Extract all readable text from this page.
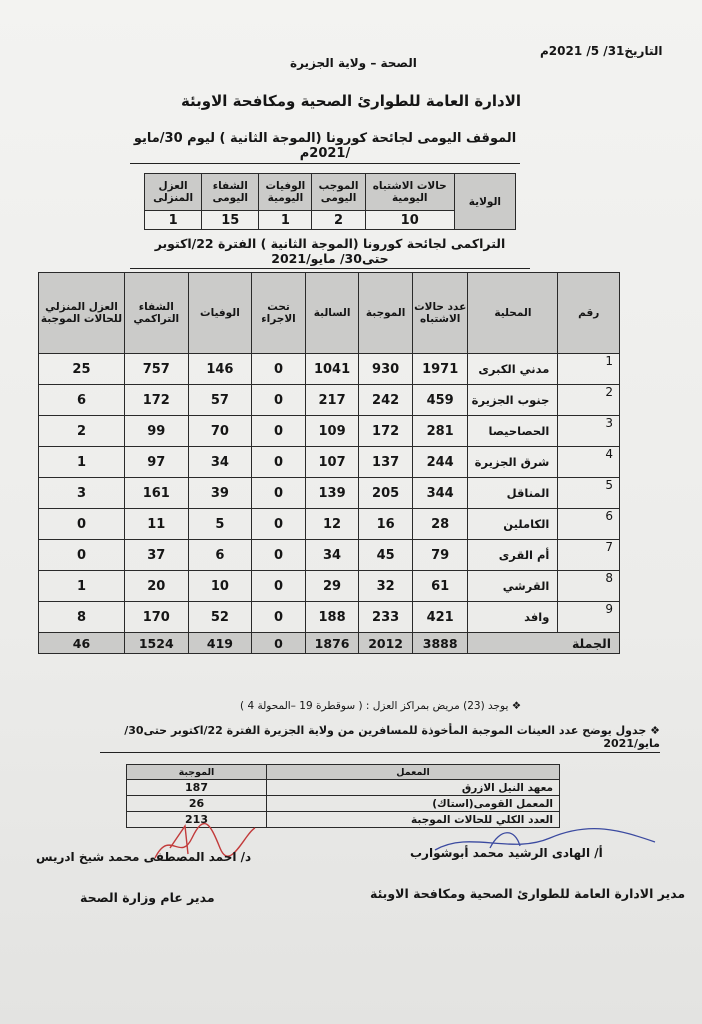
التاريخ31/ 5/ 2021م
الصحة – ولاية الجزيرة
الادارة العامة للطوارئ الصحية ومكافحة الاوبئة
الموقف اليومى لجائحة كورونا (الموجة الثانية ) ليوم 30/مايو /2021م
الولاية	حالات الاشتباه اليومية	الموجب اليومى	الوفيات اليومية	الشفاء اليومى	العزل المنزلى
	10	2	1	15	1
التراكمى لجائحة كورونا (الموجة الثانية ) الفترة 22/اكتوبر حتى30/ مايو/2021
رقم	المحلية	عدد حالات الاشتباه	الموجبة	السالبة	تحت الاجراء	الوفيات	الشفاء التراكمي	العزل المنزلي للحالات الموجبة
1	مدني الكبرى	1971	930	1041	0	146	757	25
2	جنوب الجزيرة	459	242	217	0	57	172	6
3	الحصاحيصا	281	172	109	0	70	99	2
4	شرق الجزيرة	244	137	107	0	34	97	1
5	المناقل	344	205	139	0	39	161	3
6	الكاملين	28	16	12	0	5	11	0
7	أم القرى	79	45	34	0	6	37	0
8	القرشي	61	32	29	0	10	20	1
9	وافد	421	233	188	0	52	170	8
الجملة		3888	2012	1876	0	419	1524	46
❖ يوجد (23) مريض بمراكز العزل : ( سوقطرة 19 –المحولة 4 )
❖ جدول يوضح عدد العينات الموجبة المأخوذة للمسافرين من ولاية الجزيرة الفترة 22/اكتوبر حتى30/ مايو/2021
المعمل	الموجبة
معهد النيل الازرق	187
المعمل القومى(استاك)	26
العدد الكلي للحالات الموجبة	213
د/ احمد المصطفى محمد شيخ ادريس	أ/ الهادى الرشيد محمد أبوشوارب
مدير عام وزارة الصحة	مدير الادارة العامة للطوارئ الصحية ومكافحة الاوبئة
